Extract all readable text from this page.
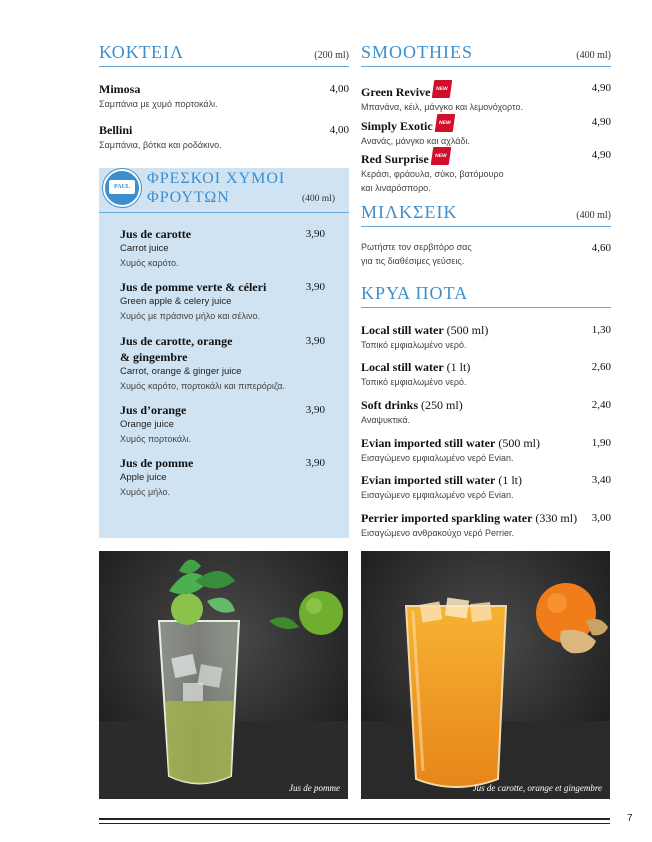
ΚΟΚΤΕΙΛ	(200 ml)
Mimosa	4,00
Σαμπάνια με χυμό πορτοκάλι.
Bellini	4,00
Σαμπάνια, βότκα και ροδάκινο.
PAUL	ΦΡΕΣΚΟΙ ΧΥΜΟΙ
ΦΡΟΥΤΩΝ	(400 ml)
Jus de carotte	3,90
Carrot juice
Χυμός καρότο.
Jus de pomme verte & céleri	3,90
Green apple & celery juice
Χυμός με πράσινο μήλο και σέλινο.
Jus de carotte, orange
& gingembre
3,90
Carrot, orange & ginger juice
Χυμός καρότο, πορτοκάλι και πιπερόριζα.
Jus d’orange	3,90
Orange juice
Χυμός πορτοκάλι.
Jus de pomme	3,90
Apple juice
Χυμός μήλο.
SMOOTHIES	(400 ml)
Green Revive NEW	4,90
Μπανάνα, κέιλ, μάνγκο και λεμονόχορτο.
Simply Exotic NEW	4,90
Ανανάς, μάνγκο και αχλάδι.
Red Surprise NEW	4,90
Κεράσι, φράουλα, σύκο, βατόμουρο
και λιναρόσπορο.
ΜΙΛΚΣΕΙΚ	(400 ml)
Ρωτήστε τον σερβιτόρο σας
για τις διαθέσιμες γεύσεις.
4,60
ΚΡΥΑ ΠΟΤΑ
Local still water (500 ml)	1,30
Τοπικό εμφιαλωμένο νερό.
Local still water (1 lt)	2,60
Τοπικό εμφιαλωμένο νερό.
Soft drinks (250 ml)	2,40
Αναψυκτικά.
Evian imported still water (500 ml)	1,90
Εισαγώμενο εμφιαλωμένο νερό Evian.
Evian imported still water (1 lt)	3,40
Εισαγώμενο εμφιαλωμένο νερό Evian.
Perrier imported sparkling water (330 ml)	3,00
Εισαγώμενο ανθρακούχο νερό Perrier.
Jus de pomme	Jus de carotte, orange et gingembre
7
